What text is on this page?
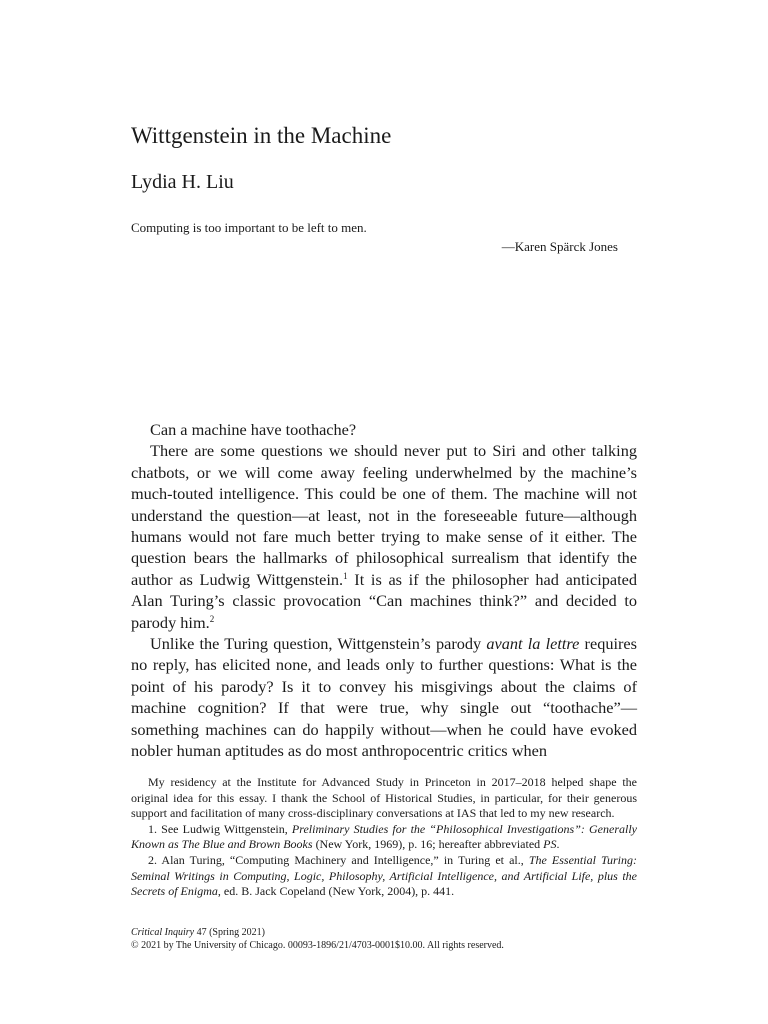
Wittgenstein in the Machine
Lydia H. Liu
Computing is too important to be left to men.
—Karen Spärck Jones

Can a machine have toothache?

There are some questions we should never put to Siri and other talking chatbots, or we will come away feeling underwhelmed by the machine’s much-touted intelligence. This could be one of them. The machine will not understand the question—at least, not in the foreseeable future—although humans would not fare much better trying to make sense of it either. The question bears the hallmarks of philosophical surrealism that identify the author as Ludwig Wittgenstein.$^1$ It is as if the philosopher had anticipated Alan Turing’s classic provocation “Can machines think?” and decided to parody him.$^2$

Unlike the Turing question, Wittgenstein’s parody avant la lettre requires no reply, has elicited none, and leads only to further questions: What is the point of his parody? Is it to convey his misgivings about the claims of machine cognition? If that were true, why single out “toothache”—something machines can do happily without—when he could have evoked nobler human aptitudes as do most anthropocentric critics when

My residency at the Institute for Advanced Study in Princeton in 2017–2018 helped shape the original idea for this essay. I thank the School of Historical Studies, in particular, for their generous support and facilitation of many cross-disciplinary conversations at IAS that led to my new research.

1. See Ludwig Wittgenstein, Preliminary Studies for the “Philosophical Investigations”: Generally Known as The Blue and Brown Books (New York, 1969), p. 16; hereafter abbreviated PS.

2. Alan Turing, “Computing Machinery and Intelligence,” in Turing et al., The Essential Turing: Seminal Writings in Computing, Logic, Philosophy, Artificial Intelligence, and Artificial Life, plus the Secrets of Enigma, ed. B. Jack Copeland (New York, 2004), p. 441.

Critical Inquiry 47 (Spring 2021)
© 2021 by The University of Chicago. 00093-1896/21/4703-0001$10.00. All rights reserved.
